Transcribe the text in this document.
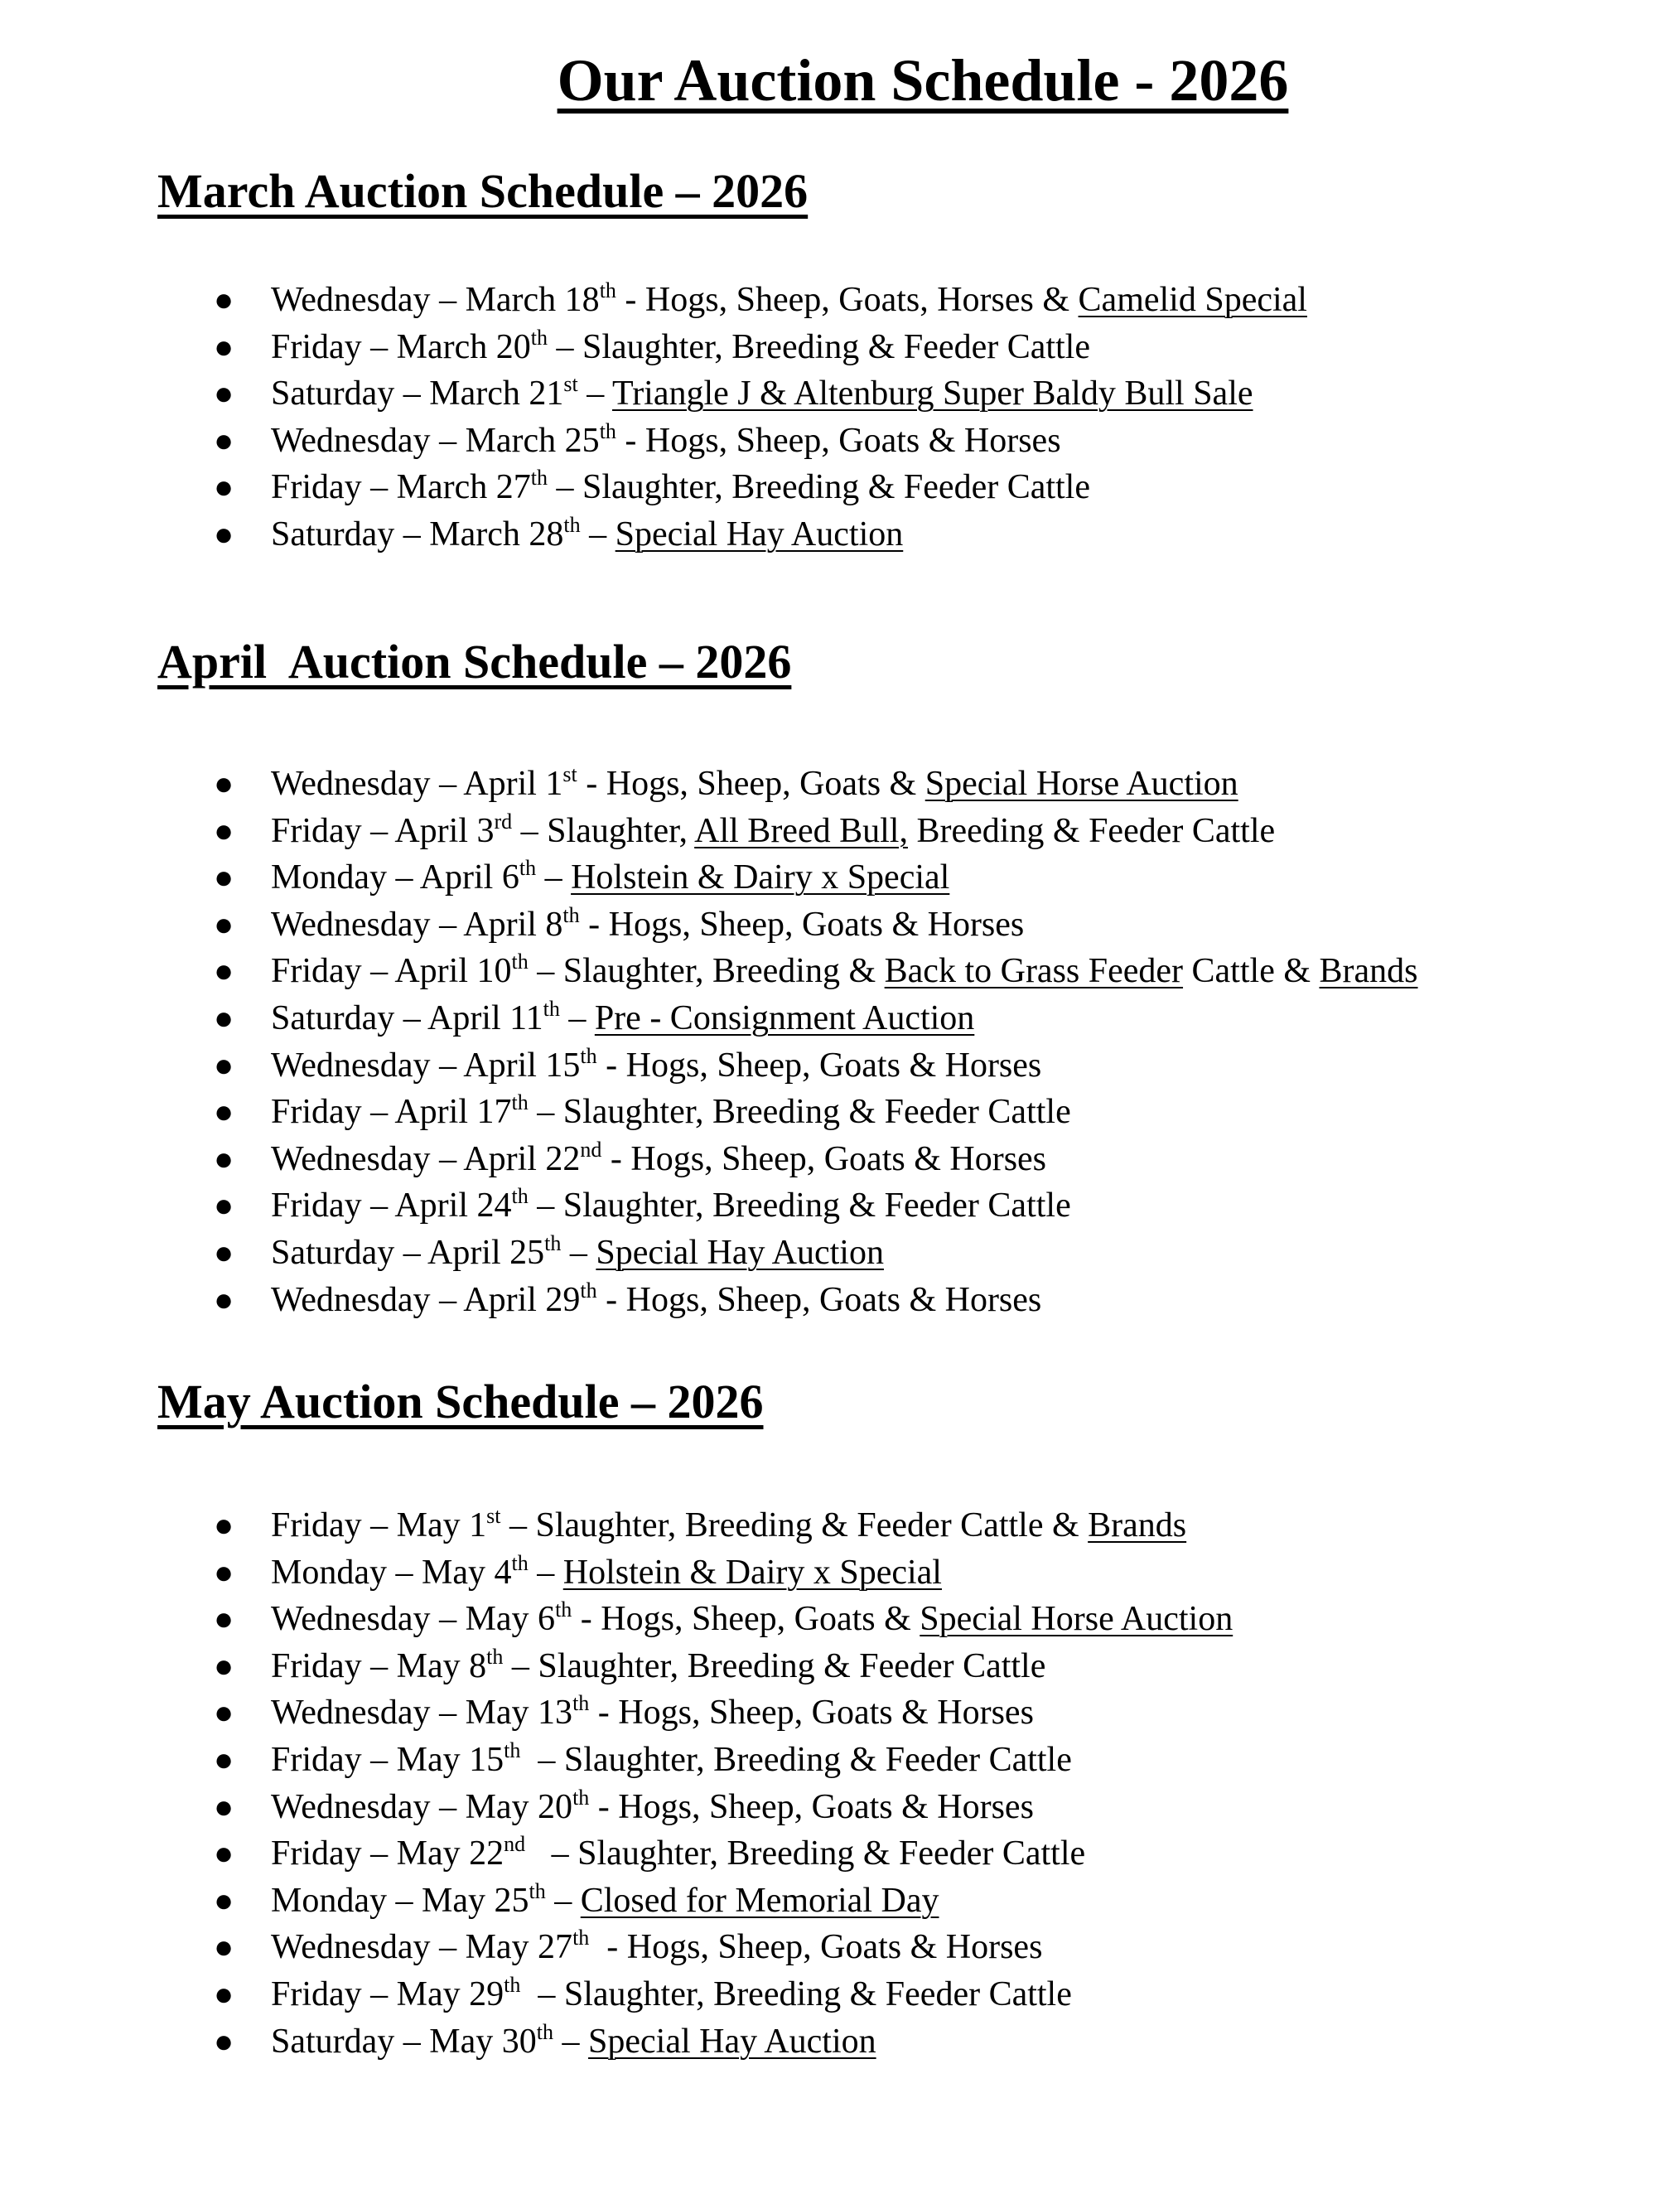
Our Auction Schedule - 2026
March Auction Schedule – 2026

●

Wednesday – March 18th - Hogs, Sheep, Goats, Horses & Camelid Special

●

Friday – March 20th – Slaughter, Breeding & Feeder Cattle

●

Saturday – March 21st – Triangle J & Altenburg Super Baldy Bull Sale

●

Wednesday – March 25th - Hogs, Sheep, Goats & Horses

●

Friday – March 27th – Slaughter, Breeding & Feeder Cattle

●

Saturday – March 28th – Special Hay Auction

April  Auction Schedule – 2026

●

Wednesday – April 1st - Hogs, Sheep, Goats & Special Horse Auction

●

Friday – April 3rd – Slaughter, All Breed Bull, Breeding & Feeder Cattle

●

Monday – April 6th – Holstein & Dairy x Special

●

Wednesday – April 8th - Hogs, Sheep, Goats & Horses

●

Friday – April 10th – Slaughter, Breeding & Back to Grass Feeder Cattle & Brands

●

Saturday – April 11th – Pre - Consignment Auction

●

Wednesday – April 15th - Hogs, Sheep, Goats & Horses

●

Friday – April 17th – Slaughter, Breeding & Feeder Cattle

●

Wednesday – April 22nd - Hogs, Sheep, Goats & Horses

●

Friday – April 24th – Slaughter, Breeding & Feeder Cattle

●

Saturday – April 25th – Special Hay Auction

●

Wednesday – April 29th - Hogs, Sheep, Goats & Horses

May Auction Schedule – 2026

●

Friday – May 1st – Slaughter, Breeding & Feeder Cattle & Brands

●

Monday – May 4th – Holstein & Dairy x Special

●

Wednesday – May 6th - Hogs, Sheep, Goats & Special Horse Auction

●

Friday – May 8th – Slaughter, Breeding & Feeder Cattle

●

Wednesday – May 13th - Hogs, Sheep, Goats & Horses

●

Friday – May 15th  – Slaughter, Breeding & Feeder Cattle

●

Wednesday – May 20th - Hogs, Sheep, Goats & Horses

●

Friday – May 22nd   – Slaughter, Breeding & Feeder Cattle

●

Monday – May 25th – Closed for Memorial Day

●

Wednesday – May 27th  - Hogs, Sheep, Goats & Horses

●

Friday – May 29th  – Slaughter, Breeding & Feeder Cattle

●

Saturday – May 30th – Special Hay Auction
